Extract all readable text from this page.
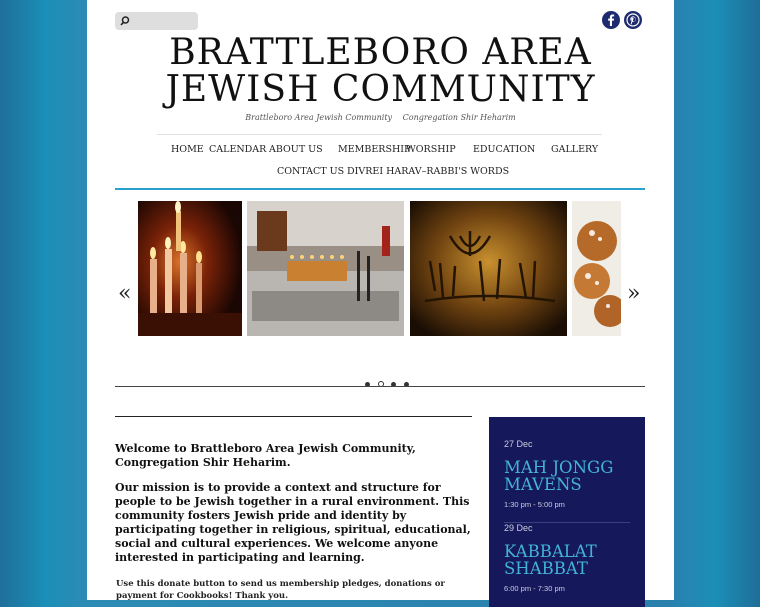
BRATTLEBORO AREA JEWISH COMMUNITY
Brattleboro Area Jewish Community Congregation Shir Heharim
HOME CALENDAR ABOUT US MEMBERSHIP
WORSHIP EDUCATION GALLERY
CONTACT US DIVREI HARAV–RABBI'S WORDS
«	»

Welcome to Brattleboro Area Jewish Community, Congregation Shir Heharim.
Our mission is to provide a context and structure for people to be Jewish together in a rural environment. This community fosters Jewish pride and identity by participating together in religious, spiritual, educational, social and cultural experiences. We welcome anyone interested in participating and learning.
Use this donate button to send us membership pledges, donations or payment for Cookbooks! Thank you.
27 Dec
MAH JONGG MAVENS
1:30 pm - 5:00 pm
29 Dec
KABBALAT SHABBAT
6:00 pm - 7:30 pm
